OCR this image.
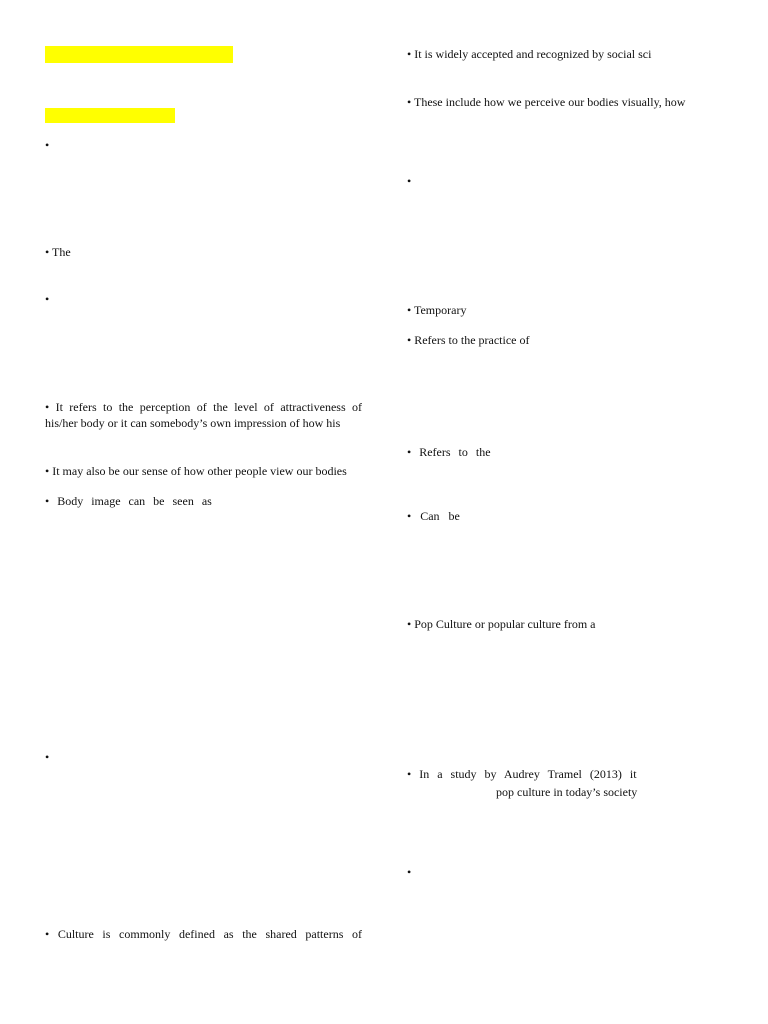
•
• The
•
• It refers to the perception of the level of attractiveness of
his/her body or it can somebody’s own impression of how his
• It may also be our sense of how other people view our bodies
• Body image can be seen as
•
• Culture is commonly defined as the shared patterns of
• It is widely accepted and recognized by social sci
• These include how we perceive our bodies visually, how
•
• Temporary
• Refers to the practice of
• Refers to the
• Can be
• Pop Culture or popular culture from a
• In a study by Audrey Tramel (2013) it
pop culture in today’s society
•
